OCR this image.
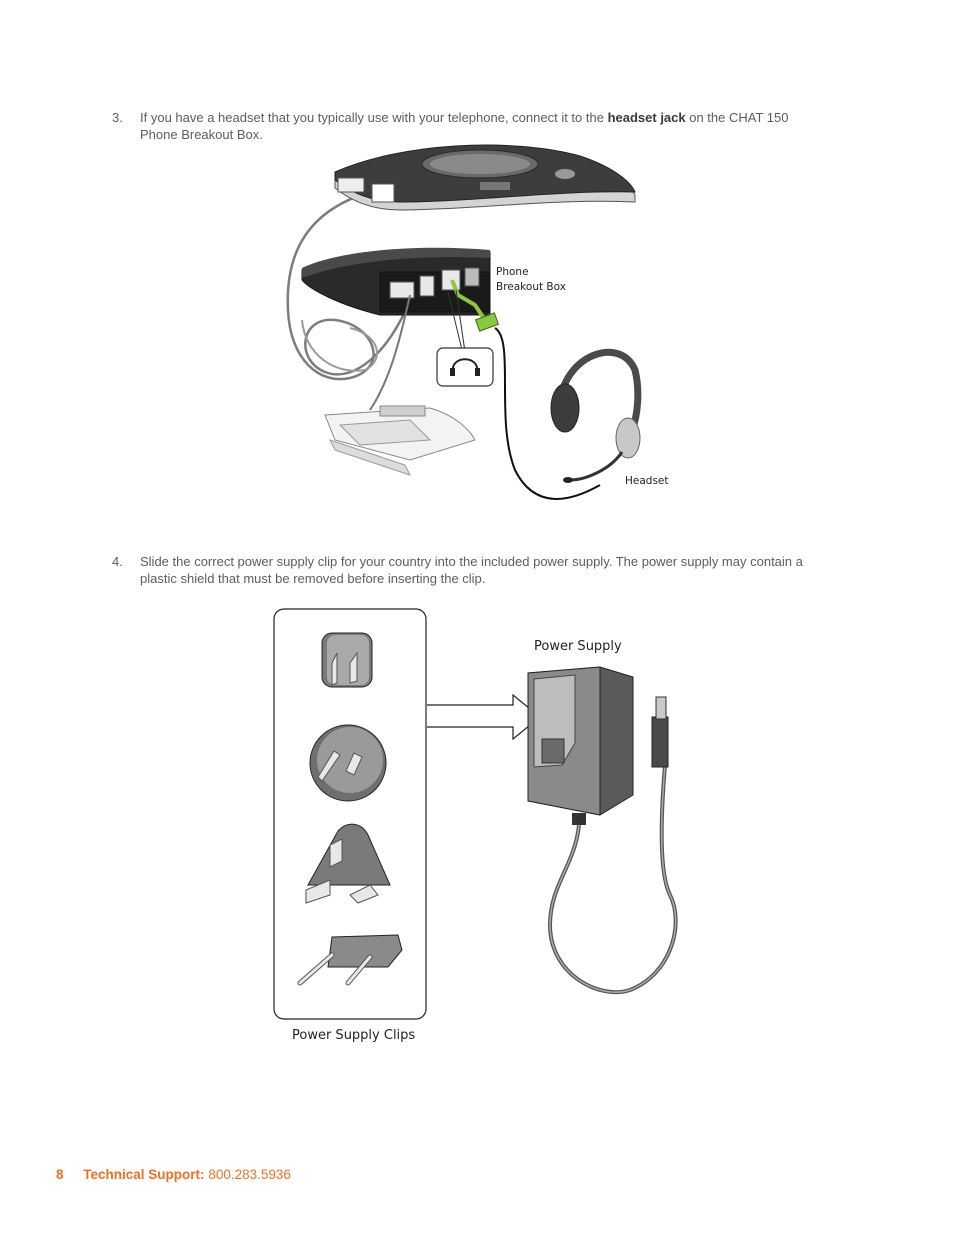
3. If you have a headset that you typically use with your telephone, connect it to the headset jack on the CHAT 150
Phone Breakout Box.
Phone
Breakout Box
Headset
4. Slide the correct power supply clip for your country into the included power supply. The power supply may contain a
plastic shield that must be removed before inserting the clip.
Power Supply
Power Supply Clips
8 Technical Support: 800.283.5936
